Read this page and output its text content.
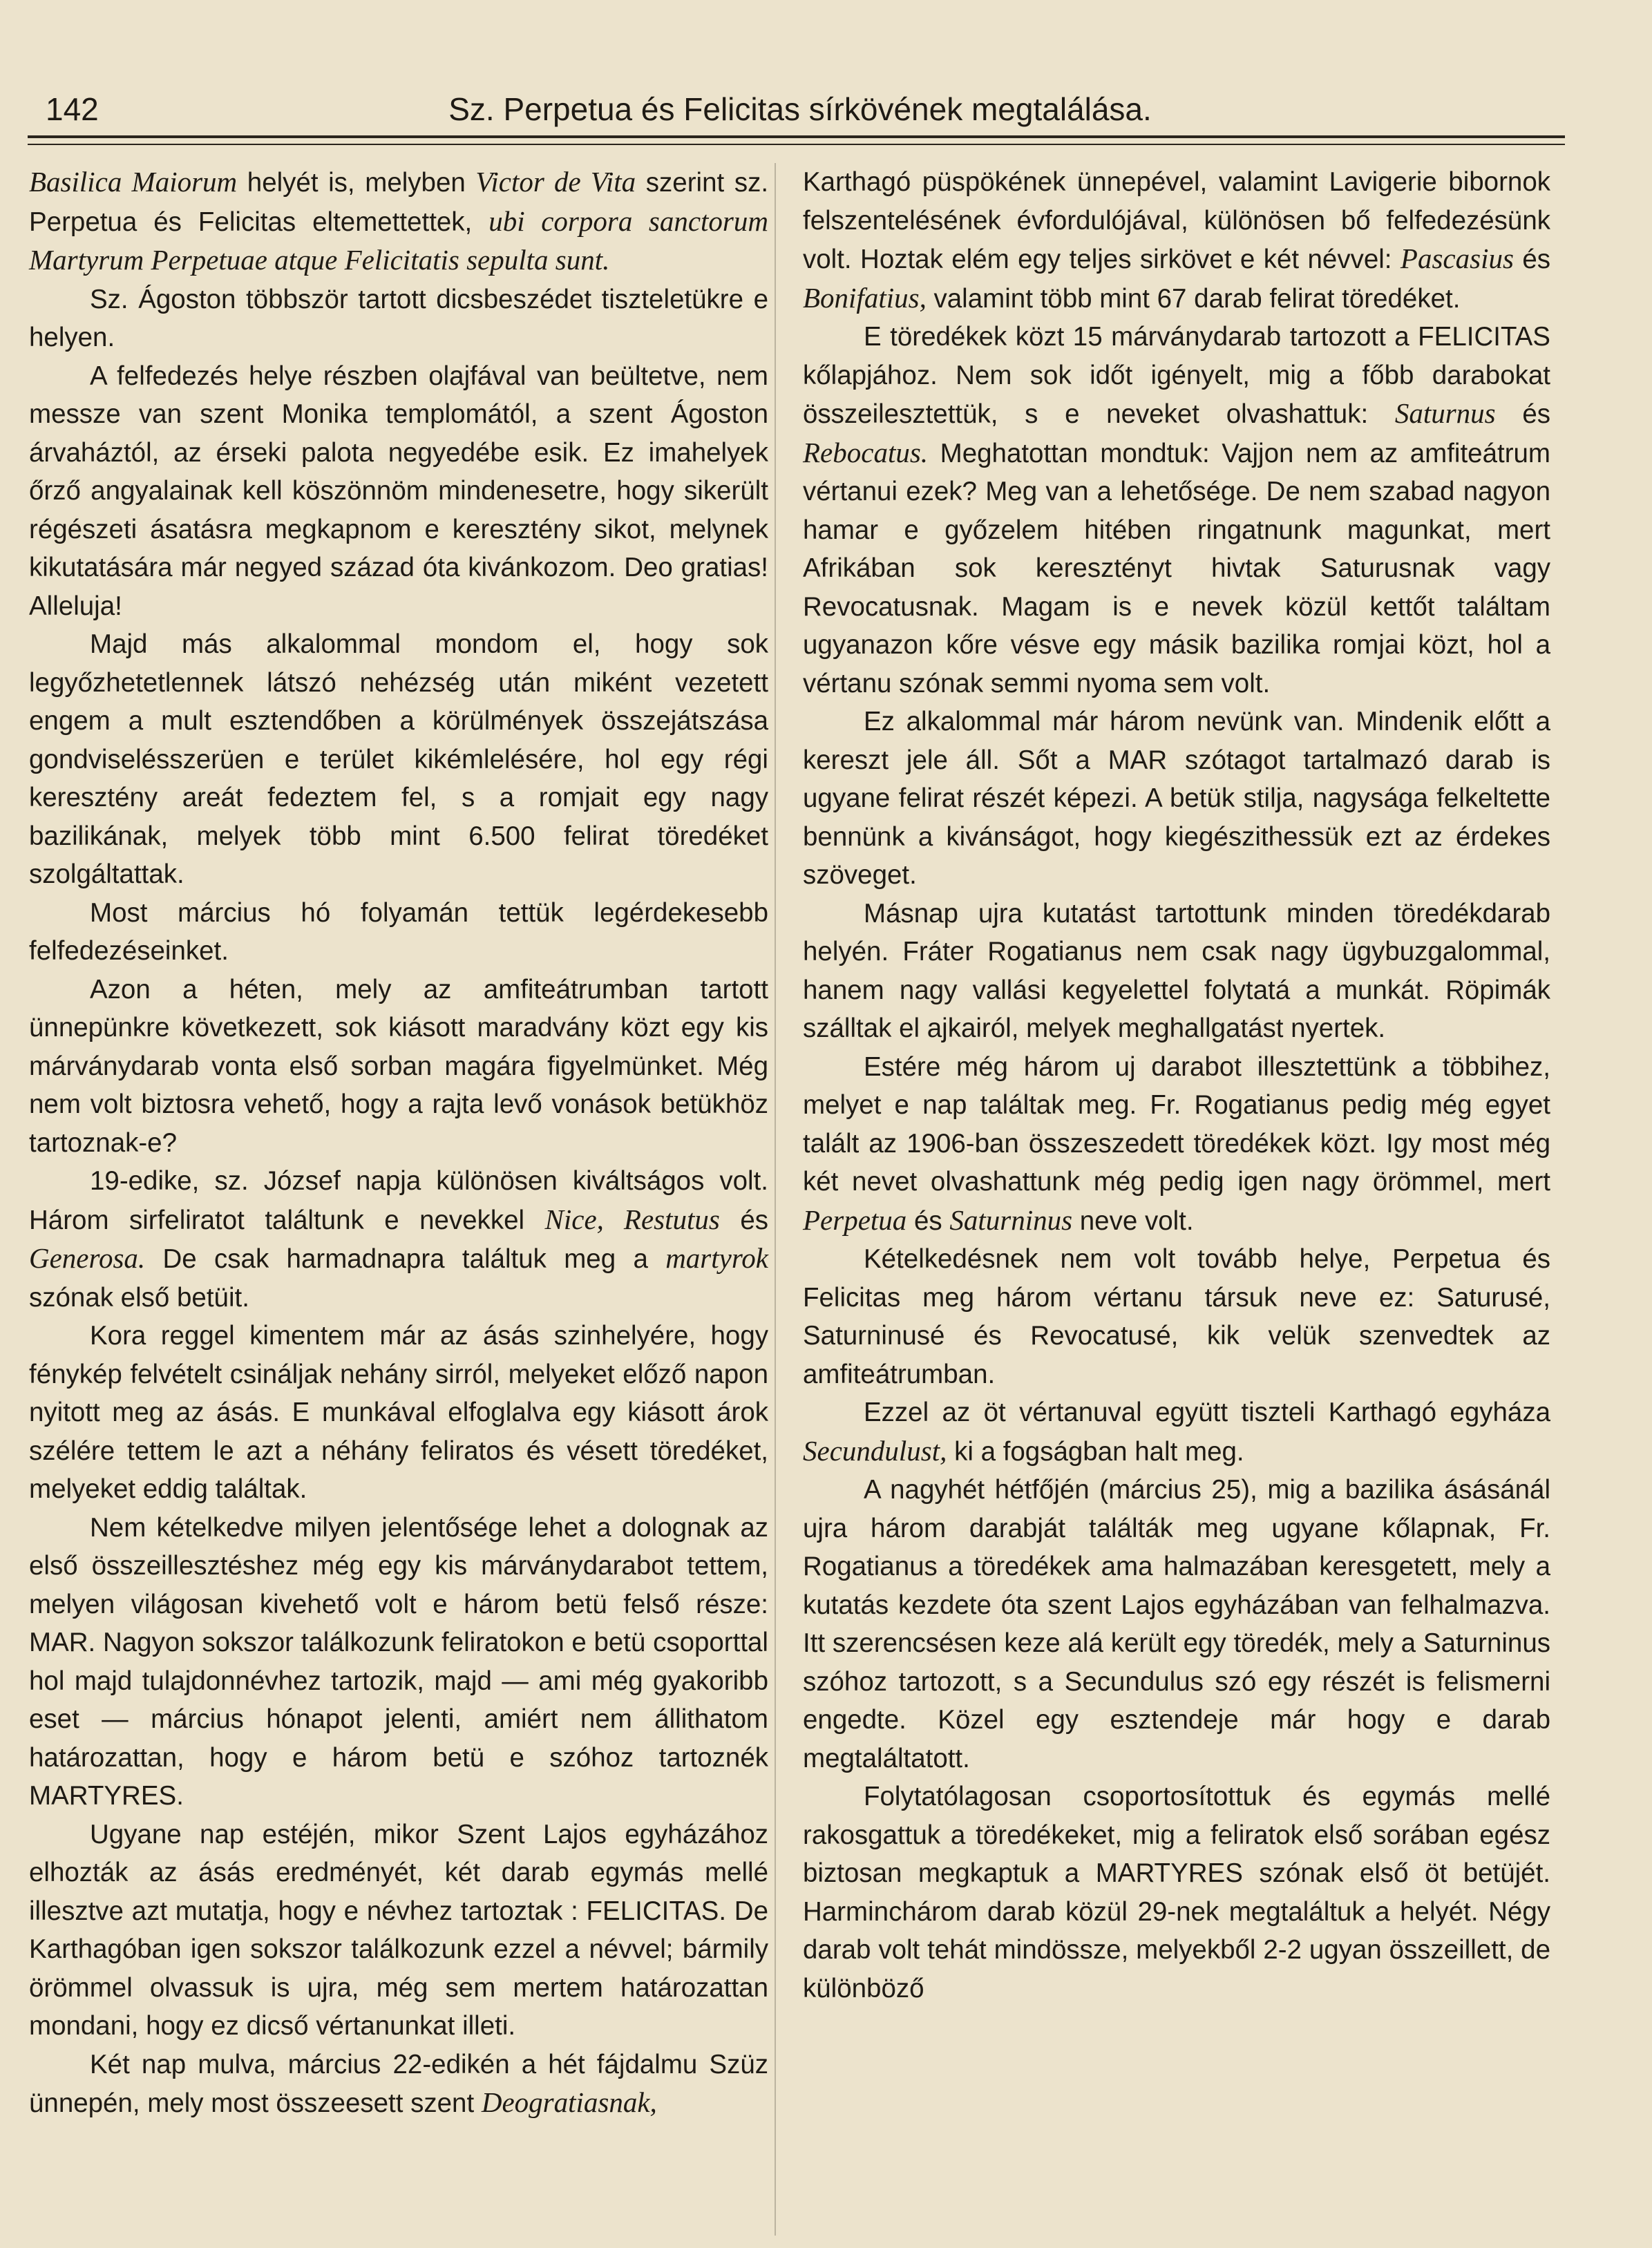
142	Sz. Perpetua és Felicitas sírkövének megtalálása.

Basilica Maiorum helyét is, melyben Victor de Vita szerint sz. Perpetua és Felicitas eltemettettek, ubi corpora sanctorum Martyrum Perpetuae atque Felicitatis sepulta sunt.

Sz. Ágoston többször tartott dicsbeszédet tiszteletükre e helyen.

A felfedezés helye részben olajfával van beültetve, nem messze van szent Monika templomától, a szent Ágoston árvaháztól, az érseki palota negyedébe esik. Ez imahelyek őrző angyalainak kell köszönnöm mindenesetre, hogy sikerült régészeti ásatásra megkapnom e keresztény sikot, melynek kikutatására már negyed század óta kivánkozom. Deo gratias! Alleluja!

Majd más alkalommal mondom el, hogy sok legyőzhetetlennek látszó nehézség után miként vezetett engem a mult esztendőben a körülmények összejátszása gondviselésszerüen e terület kikémlelésére, hol egy régi keresztény areát fedeztem fel, s a romjait egy nagy bazilikának, melyek több mint 6.500 felirat töredéket szolgáltattak.

Most március hó folyamán tettük legérdekesebb felfedezéseinket.

Azon a héten, mely az amfiteátrumban tartott ünnepünkre következett, sok kiásott maradvány közt egy kis márványdarab vonta első sorban magára figyelmünket. Még nem volt biztosra vehető, hogy a rajta levő vonások betükhöz tartoznak-e?

19-edike, sz. József napja különösen kiváltságos volt. Három sirfeliratot találtunk e nevekkel Nice, Restutus és Generosa. De csak harmadnapra találtuk meg a martyrok szónak első betüit.

Kora reggel kimentem már az ásás szinhelyére, hogy fénykép felvételt csináljak nehány sirról, melyeket előző napon nyitott meg az ásás. E munkával elfoglalva egy kiásott árok szélére tettem le azt a néhány feliratos és vésett töredéket, melyeket eddig találtak.

Nem kételkedve milyen jelentősége lehet a dolognak az első összeillesztéshez még egy kis márványdarabot tettem, melyen világosan kivehető volt e három betü felső része: MAR. Nagyon sokszor találkozunk feliratokon e betü csoporttal hol majd tulajdonnévhez tartozik, majd — ami még gyakoribb eset — március hónapot jelenti, amiért nem állithatom határozattan, hogy e három betü e szóhoz tartoznék MARTYRES.

Ugyane nap estéjén, mikor Szent Lajos egyházához elhozták az ásás eredményét, két darab egymás mellé illesztve azt mutatja, hogy e névhez tartoztak : FELICITAS. De Karthagóban igen sokszor találkozunk ezzel a névvel; bármily örömmel olvassuk is ujra, még sem mertem határozattan mondani, hogy ez dicső vértanunkat illeti.

Két nap mulva, március 22-edikén a hét fájdalmu Szüz ünnepén, mely most összeesett szent Deogratiasnak,

Karthagó püspökének ünnepével, valamint Lavigerie bibornok felszentelésének évfordulójával, különösen bő felfedezésünk volt. Hoztak elém egy teljes sirkövet e két névvel: Pascasius és Bonifatius, valamint több mint 67 darab felirat töredéket.

E töredékek közt 15 márványdarab tartozott a FELICITAS kőlapjához. Nem sok időt igényelt, mig a főbb darabokat összeilesztettük, s e neveket olvashattuk: Saturnus és Rebocatus. Meghatottan mondtuk: Vajjon nem az amfiteátrum vértanui ezek? Meg van a lehetősége. De nem szabad nagyon hamar e győzelem hitében ringatnunk magunkat, mert Afrikában sok keresztényt hivtak Saturusnak vagy Revocatusnak. Magam is e nevek közül kettőt találtam ugyanazon kőre vésve egy másik bazilika romjai közt, hol a vértanu szónak semmi nyoma sem volt.

Ez alkalommal már három nevünk van. Mindenik előtt a kereszt jele áll. Sőt a MAR szótagot tartalmazó darab is ugyane felirat részét képezi. A betük stilja, nagysága felkeltette bennünk a kivánságot, hogy kiegészithessük ezt az érdekes szöveget.

Másnap ujra kutatást tartottunk minden töredékdarab helyén. Fráter Rogatianus nem csak nagy ügybuzgalommal, hanem nagy vallási kegyelettel folytatá a munkát. Röpimák szálltak el ajkairól, melyek meghallgatást nyertek.

Estére még három uj darabot illesztettünk a többihez, melyet e nap találtak meg. Fr. Rogatianus pedig még egyet talált az 1906-ban összeszedett töredékek közt. Igy most még két nevet olvashattunk még pedig igen nagy örömmel, mert Perpetua és Saturninus neve volt.

Kételkedésnek nem volt tovább helye, Perpetua és Felicitas meg három vértanu társuk neve ez: Saturusé, Saturninusé és Revocatusé, kik velük szenvedtek az amfiteátrumban.

Ezzel az öt vértanuval együtt tiszteli Karthagó egyháza Secundulust, ki a fogságban halt meg.

A nagyhét hétfőjén (március 25), mig a bazilika ásásánál ujra három darabját találták meg ugyane kőlapnak, Fr. Rogatianus a töredékek ama halmazában keresgetett, mely a kutatás kezdete óta szent Lajos egyházában van felhalmazva. Itt szerencsésen keze alá került egy töredék, mely a Saturninus szóhoz tartozott, s a Secundulus szó egy részét is felismerni engedte. Közel egy esztendeje már hogy e darab megtaláltatott.

Folytatólagosan csoportosítottuk és egymás mellé rakosgattuk a töredékeket, mig a feliratok első sorában egész biztosan megkaptuk a MARTYRES szónak első öt betüjét. Harminchárom darab közül 29-nek megtaláltuk a helyét. Négy darab volt tehát mindösszе, melyekből 2-2 ugyan összeillett, de különböző
